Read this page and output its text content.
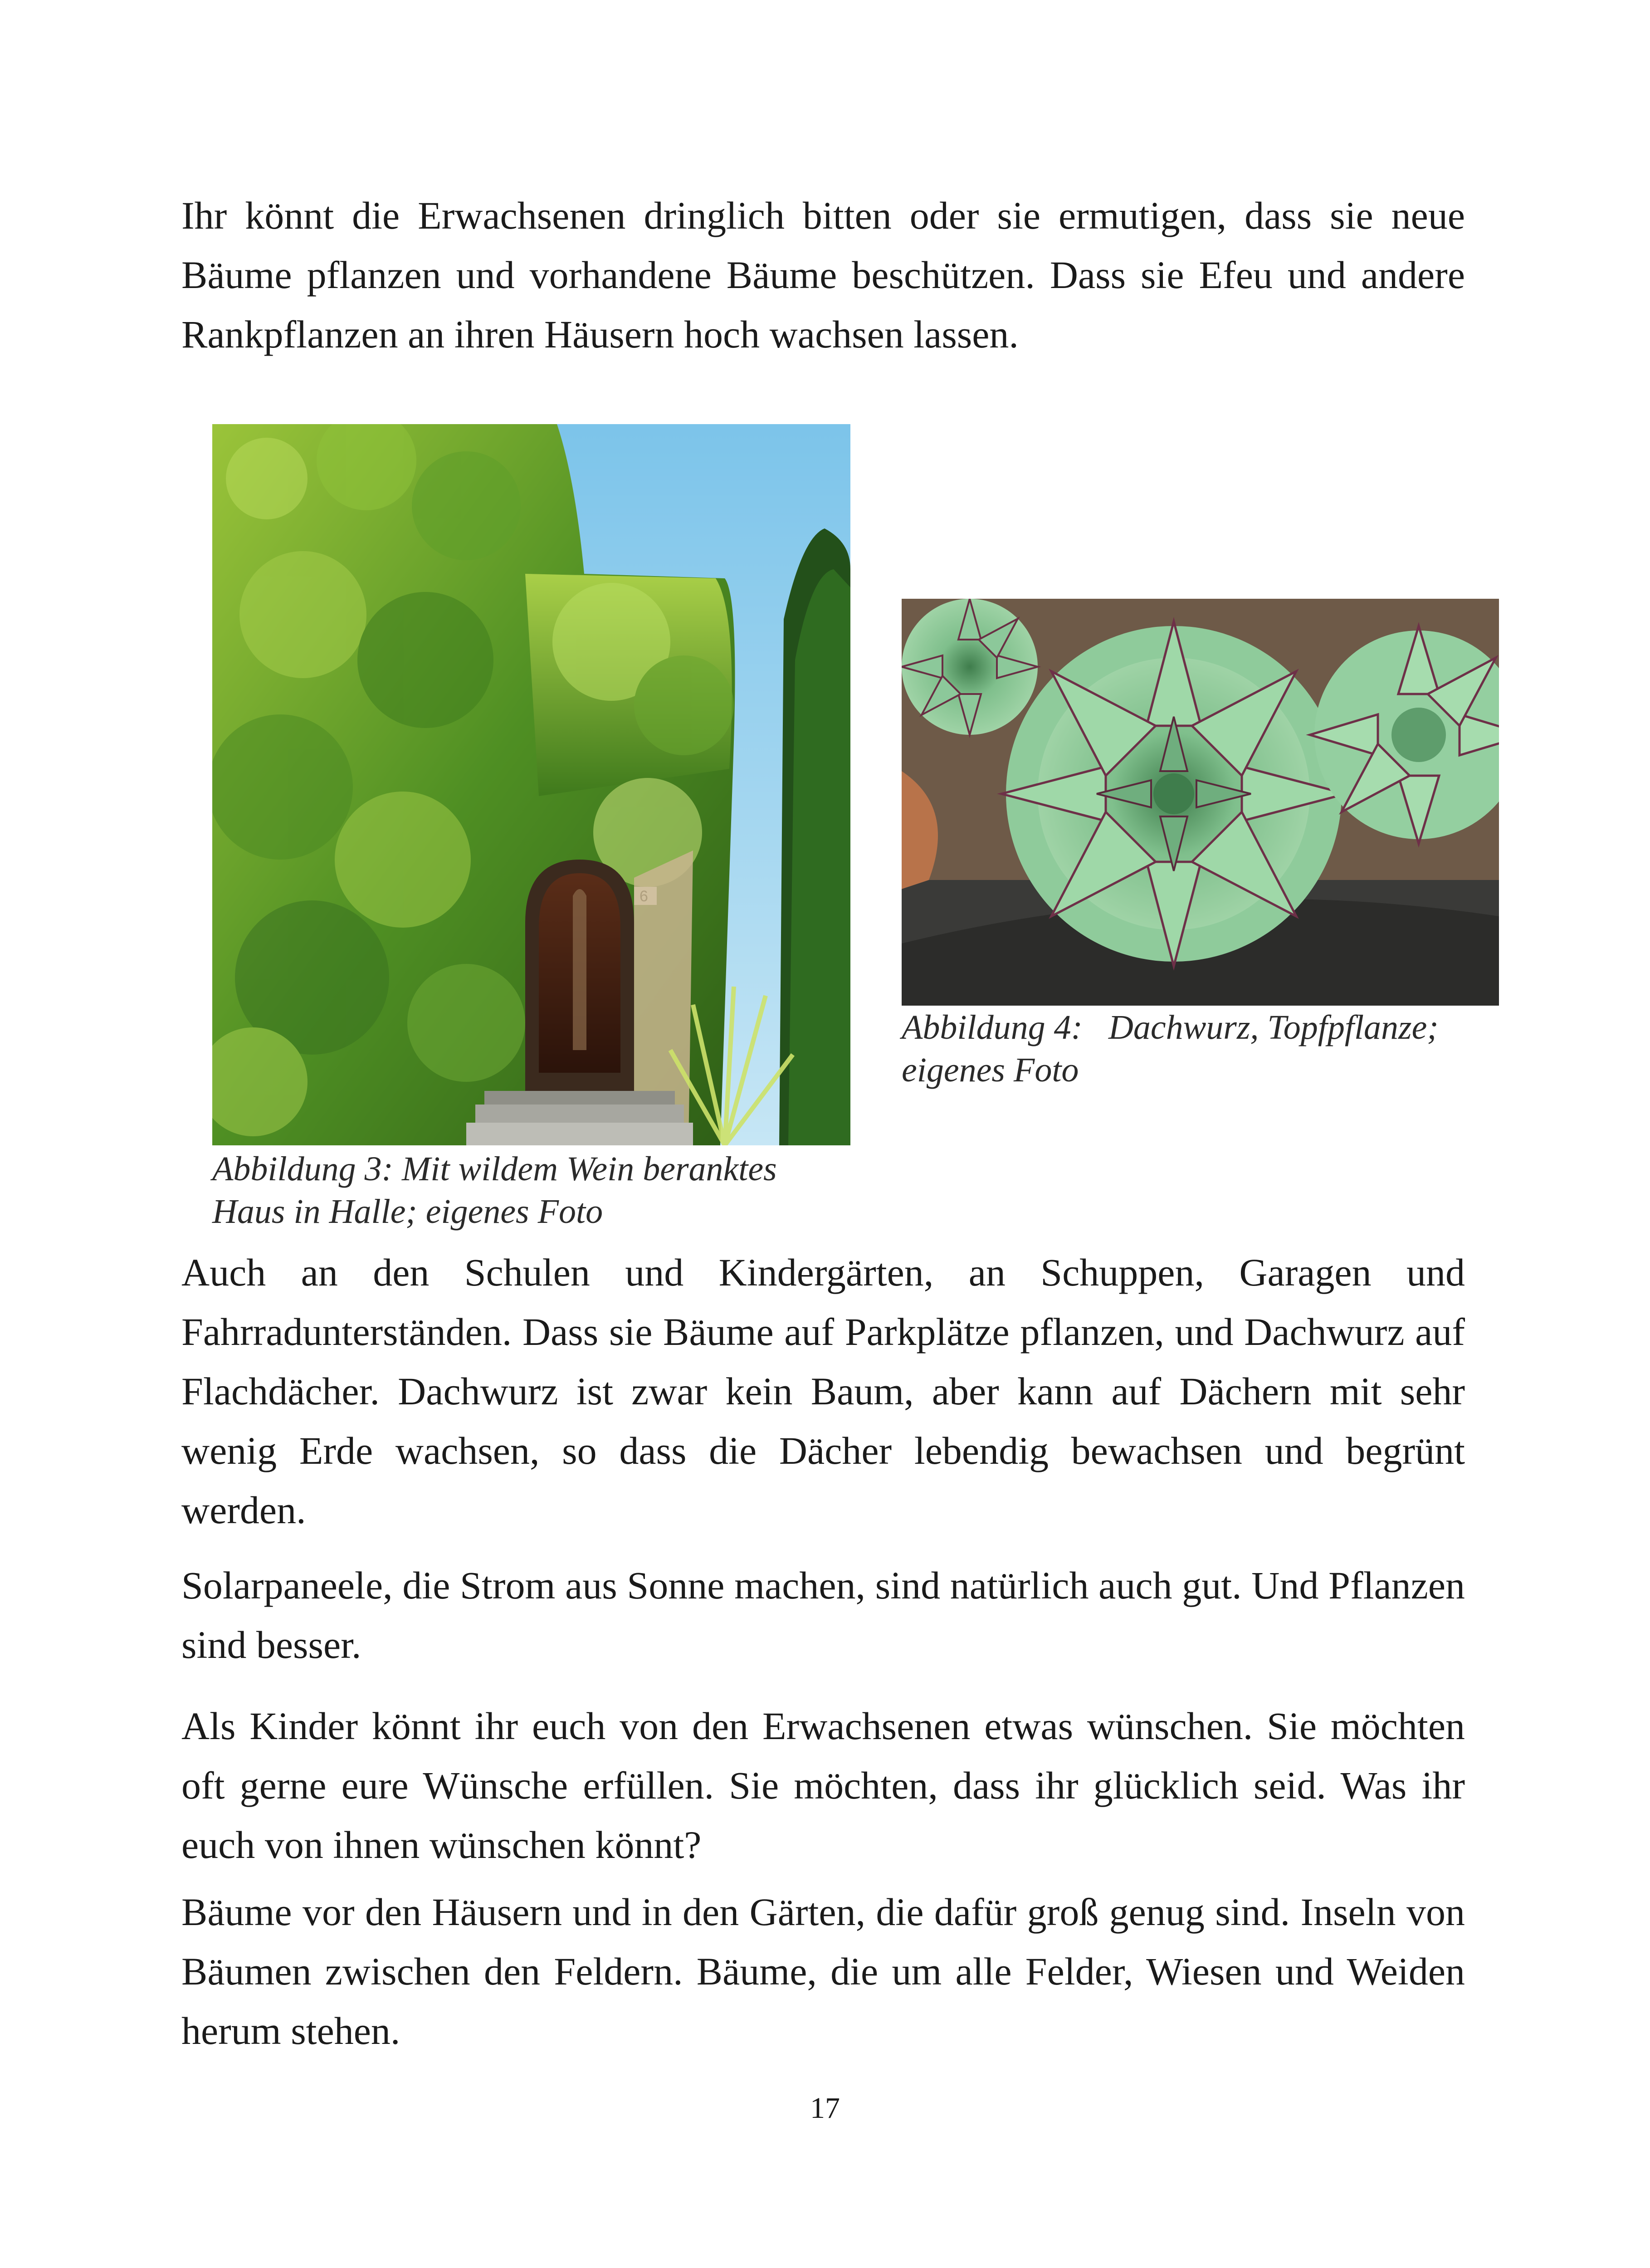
Ihr könnt die Erwachsenen dringlich bitten oder sie ermutigen, dass sie neue Bäume pflanzen und vorhandene Bäume beschützen. Dass sie Efeu und andere Rankpflanzen an ihren Häusern hoch wachsen lassen.

Abbildung 3: Mit wildem Wein beranktes
Haus in Halle; eigenes Foto

Abbildung 4:   Dachwurz, Topfpflanze;
eigenes Foto

Auch an den Schulen und Kindergärten, an Schuppen, Garagen und Fahrradunterständen. Dass sie Bäume auf Parkplätze pflanzen, und Dachwurz auf Flachdächer. Dachwurz ist zwar kein Baum, aber kann auf Dächern mit sehr wenig Erde wachsen, so dass die Dächer lebendig bewachsen und begrünt werden.

Solarpaneele, die Strom aus Sonne machen, sind natürlich auch gut. Und Pflanzen sind besser.

Als Kinder könnt ihr euch von den Erwachsenen etwas wünschen. Sie möchten oft gerne eure Wünsche erfüllen. Sie möchten, dass ihr glücklich seid. Was ihr euch von ihnen wünschen könnt?

Bäume vor den Häusern und in den Gärten, die dafür groß genug sind. Inseln von Bäumen zwischen den Feldern. Bäume, die um alle Felder, Wiesen und Weiden herum stehen.

17
